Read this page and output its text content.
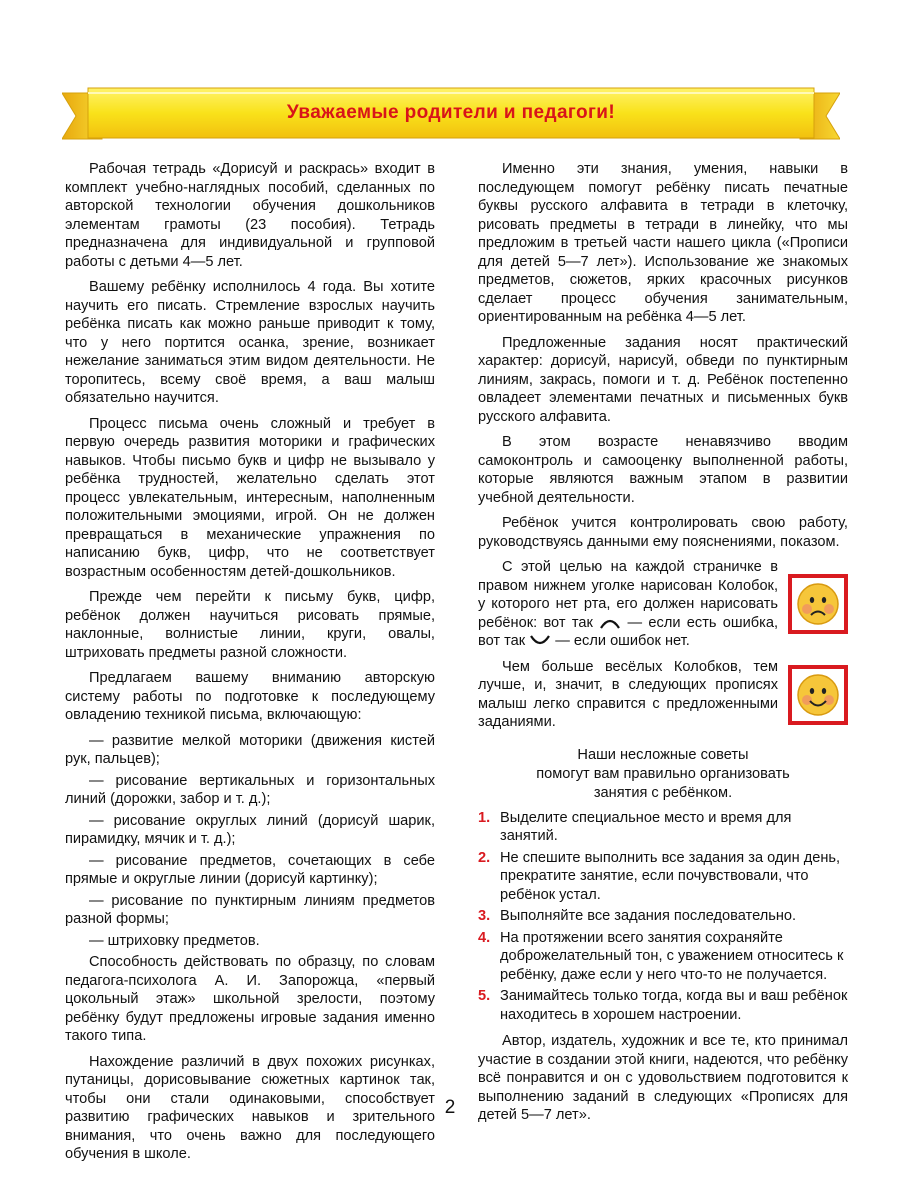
Уважаемые родители и педагоги!

Рабочая тетрадь «Дорисуй и раскрась» входит в комплект учебно-наглядных пособий, сделанных по авторской технологии обучения дошкольников элементам грамоты (23 пособия). Тетрадь предназначена для индивидуальной и групповой работы с детьми 4—5 лет.

Вашему ребёнку исполнилось 4 года. Вы хотите научить его писать. Стремление взрослых научить ребёнка писать как можно раньше приводит к тому, что у него портится осанка, зрение, возникает нежелание заниматься этим видом деятельности. Не торопитесь, всему своё время, а ваш малыш обязательно научится.

Процесс письма очень сложный и требует в первую очередь развития моторики и графических навыков. Чтобы письмо букв и цифр не вызывало у ребёнка трудностей, желательно сделать этот процесс увлекательным, интересным, наполненным положительными эмоциями, игрой. Он не должен превращаться в механические упражнения по написанию букв, цифр, что не соответствует возрастным особенностям детей-дошкольников.

Прежде чем перейти к письму букв, цифр, ребёнок должен научиться рисовать прямые, наклонные, волнистые линии, круги, овалы, штриховать предметы разной сложности.

Предлагаем вашему вниманию авторскую систему работы по подготовке к последующему овладению техникой письма, включающую:

— развитие мелкой моторики (движения кистей рук, пальцев);

— рисование вертикальных и горизонтальных линий (дорожки, забор и т. д.);

— рисование округлых линий (дорисуй шарик, пирамидку, мячик и т. д.);

— рисование предметов, сочетающих в себе прямые и округлые линии (дорисуй картинку);

— рисование по пунктирным линиям предметов разной формы;

— штриховку предметов.

Способность действовать по образцу, по словам педагога-психолога А. И. Запорожца, «первый цокольный этаж» школьной зрелости, поэтому ребёнку будут предложены игровые задания именно такого типа.

Нахождение различий в двух похожих рисунках, путаницы, дорисовывание сюжетных картинок так, чтобы они стали одинаковыми, способствует развитию графических навыков и зрительного внимания, что очень важно для последующего обучения в школе.

Именно эти знания, умения, навыки в последующем помогут ребёнку писать печатные буквы русского алфавита в тетради в клеточку, рисовать предметы в тетради в линейку, что мы предложим в третьей части нашего цикла («Прописи для детей 5—7 лет»). Использование же знакомых предметов, сюжетов, ярких красочных рисунков сделает процесс обучения занимательным, ориентированным на ребёнка 4—5 лет.

Предложенные задания носят практический характер: дорисуй, нарисуй, обведи по пунктирным линиям, закрась, помоги и т. д. Ребёнок постепенно овладеет элементами печатных и письменных букв русского алфавита.

В этом возрасте ненавязчиво вводим самоконтроль и самооценку выполненной работы, которые являются важным этапом в развитии учебной деятельности.

Ребёнок учится контролировать свою работу, руководствуясь данными ему пояснениями, показом.

С этой целью на каждой страничке в правом нижнем уголке нарисован Колобок, у которого нет рта, его должен нарисовать ребёнок: вот так — если есть ошибка, вот так — если ошибок нет.

Чем больше весёлых Колобков, тем лучше, и, значит, в следующих прописях малыш легко справится с предложенными заданиями.

Наши несложные советы
помогут вам правильно организовать
занятия с ребёнком.
1. Выделите специальное место и время для занятий.
2. Не спешите выполнить все задания за один день, прекратите занятие, если почувствовали, что ребёнок устал.
3. Выполняйте все задания последовательно.
4. На протяжении всего занятия сохраняйте доброжелательный тон, с уважением относитесь к ребёнку, даже если у него что-то не получается.
5. Занимайтесь только тогда, когда вы и ваш ребёнок находитесь в хорошем настроении.

Автор, издатель, художник и все те, кто принимал участие в создании этой книги, надеются, что ребёнку всё понравится и он с удовольствием подготовится к выполнению заданий в следующих «Прописях для детей 5—7 лет».

2
